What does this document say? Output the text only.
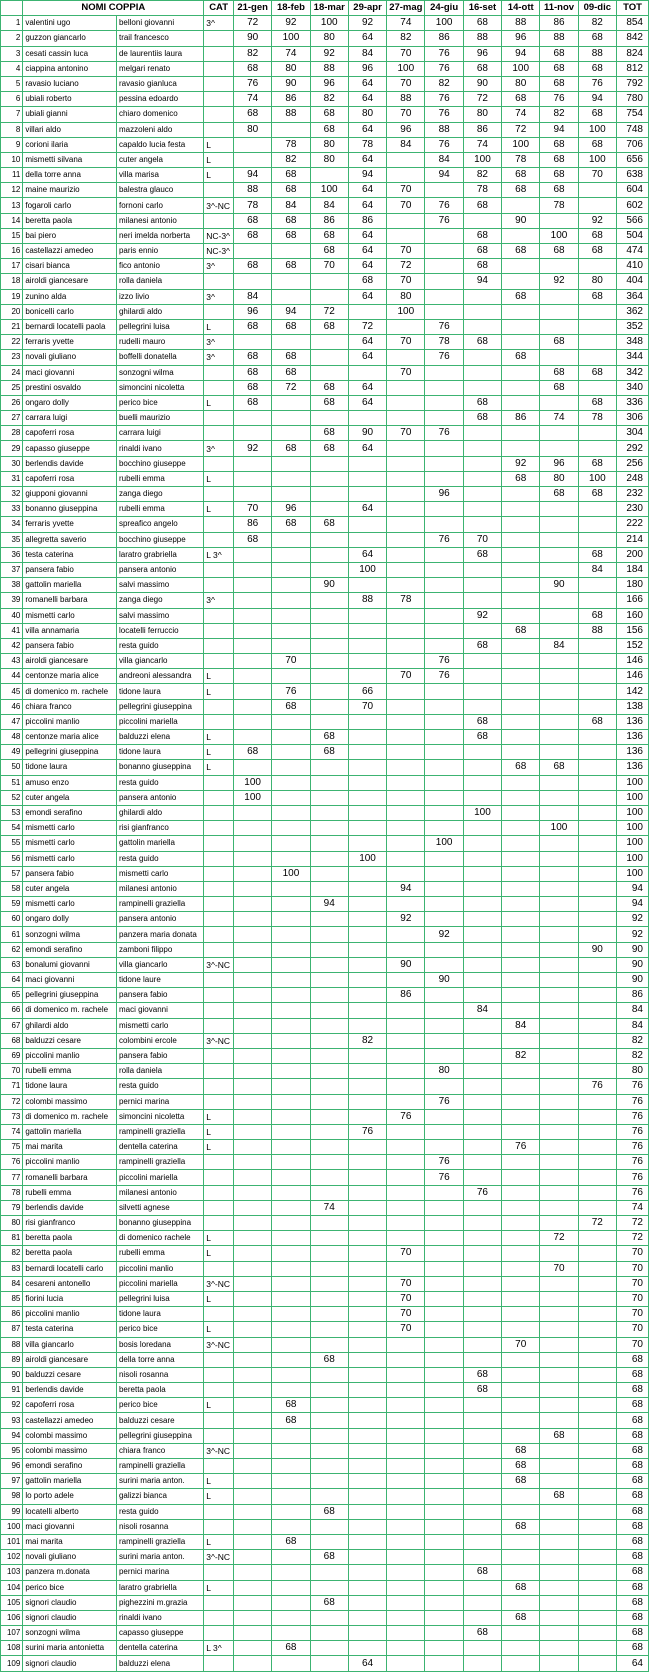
	NOMI COPPIA		CAT	21-gen	18-feb	18-mar	29-apr	27-mag	24-giu	16-set	14-ott	11-nov	09-dic	TOT
1	valentini ugo	belloni giovanni	3^	72	92	100	92	74	100	68	88	86	82	854
2	guzzon giancarlo	trail francesco		90	100	80	64	82	86	88	96	88	68	842
3	cesati cassin luca	de laurentiis laura		82	74	92	84	70	76	96	94	68	88	824
4	ciappina antonino	melgari renato		68	80	88	96	100	76	68	100	68	68	812
5	ravasio luciano	ravasio gianluca		76	90	96	64	70	82	90	80	68	76	792
6	ubiali roberto	pessina edoardo		74	86	82	64	88	76	72	68	76	94	780
7	ubiali gianni	chiaro domenico		68	88	68	80	70	76	80	74	82	68	754
8	villari aldo	mazzoleni aldo		80		68	64	96	88	86	72	94	100	748
9	corioni ilaria	capaldo lucia festa	L		78	80	78	84	76	74	100	68	68	706
10	mismetti silvana	cuter angela	L		82	80	64		84	100	78	68	100	656
11	della torre anna	villa marisa	L	94	68		94		94	82	68	68	70	638
12	maine maurizio	balestra glauco		88	68	100	64	70		78	68	68		604
13	fogaroli carlo	fornoni carlo	3^-NC	78	84	84	64	70	76	68		78		602
14	beretta paola	milanesi antonio		68	68	86	86		76		90		92	566
15	bai piero	neri imelda norberta	NC-3^	68	68	68	64			68		100	68	504
16	castellazzi amedeo	paris ennio	NC-3^			68	64	70		68	68	68	68	474
17	cisari bianca	fico antonio	3^	68	68	70	64	72		68				410
18	airoldi giancesare	rolla daniela					68	70		94		92	80	404
19	zunino alda	izzo livio	3^	84			64	80			68		68	364
20	bonicelli carlo	ghilardi aldo		96	94	72		100						362
21	bernardi locatelli paola	pellegrini luisa	L	68	68	68	72		76					352
22	ferraris yvette	rudelli mauro	3^				64	70	78	68		68		348
23	novali giuliano	boffelli donatella	3^	68	68		64		76		68			344
24	maci giovanni	sonzogni wilma		68	68			70				68	68	342
25	prestini osvaldo	simoncini nicoletta		68	72	68	64					68		340
26	ongaro dolly	perico bice	L	68		68	64			68			68	336
27	carrara luigi	buelli maurizio								68	86	74	78	306
28	capoferri rosa	carrara luigi				68	90	70	76					304
29	capasso giuseppe	rinaldi ivano	3^	92	68	68	64							292
30	berlendis davide	bocchino giuseppe									92	96	68	256
31	capoferri rosa	rubelli emma	L								68	80	100	248
32	giupponi giovanni	zanga diego							96			68	68	232
33	bonanno giuseppina	rubelli emma	L	70	96		64							230
34	ferraris yvette	spreafico angelo		86	68	68								222
35	allegretta saverio	bocchino giuseppe		68					76	70				214
36	testa caterina	laratro grabriella	L 3^				64			68			68	200
37	pansera fabio	pansera antonio					100						84	184
38	gattolin mariella	salvi massimo				90						90		180
39	romanelli barbara	zanga diego	3^				88	78						166
40	mismetti carlo	salvi massimo								92			68	160
41	villa annamaria	locatelli ferruccio									68		88	156
42	pansera fabio	resta guido								68		84		152
43	airoldi giancesare	villa giancarlo			70				76					146
44	centonze maria alice	andreoni alessandra	L					70	76					146
45	di domenico m. rachele	tidone laura	L		76		66							142
46	chiara franco	pellegrini giuseppina			68		70							138
47	piccolini manlio	piccolini mariella								68			68	136
48	centonze maria alice	balduzzi elena	L			68				68				136
49	pellegrini giuseppina	tidone laura	L	68		68								136
50	tidone laura	bonanno giuseppina	L								68	68		136
51	amuso enzo	resta guido		100										100
52	cuter angela	pansera antonio		100										100
53	emondi serafino	ghilardi aldo								100				100
54	mismetti carlo	risi gianfranco										100		100
55	mismetti carlo	gattolin mariella							100					100
56	mismetti carlo	resta guido					100							100
57	pansera fabio	mismetti carlo			100									100
58	cuter angela	milanesi antonio						94						94
59	mismetti carlo	rampinelli graziella				94								94
60	ongaro dolly	pansera antonio						92						92
61	sonzogni wilma	panzera maria donata							92					92
62	emondi serafino	zamboni filippo											90	90
63	bonalumi giovanni	villa giancarlo	3^-NC					90						90
64	maci giovanni	tidone laure							90					90
65	pellegrini giuseppina	pansera fabio						86						86
66	di domenico m. rachele	maci giovanni								84				84
67	ghilardi aldo	mismetti carlo									84			84
68	balduzzi cesare	colombini ercole	3^-NC				82							82
69	piccolini manlio	pansera fabio									82			82
70	rubelli emma	rolla daniela							80					80
71	tidone laura	resta guido											76	76
72	colombi massimo	pernici marina							76					76
73	di domenico m. rachele	simoncini nicoletta	L					76						76
74	gattolin mariella	rampinelli graziella	L				76							76
75	mai marita	dentella caterina	L								76			76
76	piccolini manlio	rampinelli graziella							76					76
77	romanelli barbara	piccolini mariella							76					76
78	rubelli emma	milanesi antonio								76				76
79	berlendis davide	silvetti agnese				74								74
80	risi gianfranco	bonanno giuseppina											72	72
81	beretta paola	di domenico rachele	L									72		72
82	beretta paola	rubelli emma	L					70						70
83	bernardi locatelli carlo	piccolini manlio										70		70
84	cesareni antonello	piccolini mariella	3^-NC					70						70
85	fiorini lucia	pellegrini luisa	L					70						70
86	piccolini manlio	tidone laura						70						70
87	testa caterina	perico bice	L					70						70
88	villa giancarlo	bosis loredana	3^-NC								70			70
89	airoldi giancesare	della torre anna				68								68
90	balduzzi cesare	nisoli rosanna								68				68
91	berlendis davide	beretta paola								68				68
92	capoferri rosa	perico bice	L		68									68
93	castellazzi amedeo	balduzzi cesare			68									68
94	colombi massimo	pellegrini giuseppina										68		68
95	colombi massimo	chiara franco	3^-NC								68			68
96	emondi serafino	rampinelli graziella									68			68
97	gattolin mariella	surini maria anton.	L								68			68
98	lo porto adele	galizzi bianca	L									68		68
99	locatelli alberto	resta guido				68								68
100	maci giovanni	nisoli rosanna									68			68
101	mai marita	rampinelli graziella	L		68									68
102	novali giuliano	surini maria anton.	3^-NC			68								68
103	panzera m.donata	pernici marina								68				68
104	perico bice	laratro grabriella	L								68			68
105	signori claudio	pighezzini m.grazia				68								68
106	signori claudio	rinaldi ivano									68			68
107	sonzogni wilma	capasso giuseppe								68				68
108	surini maria antonietta	dentella caterina	L 3^		68									68
109	signori claudio	balduzzi elena					64							64
